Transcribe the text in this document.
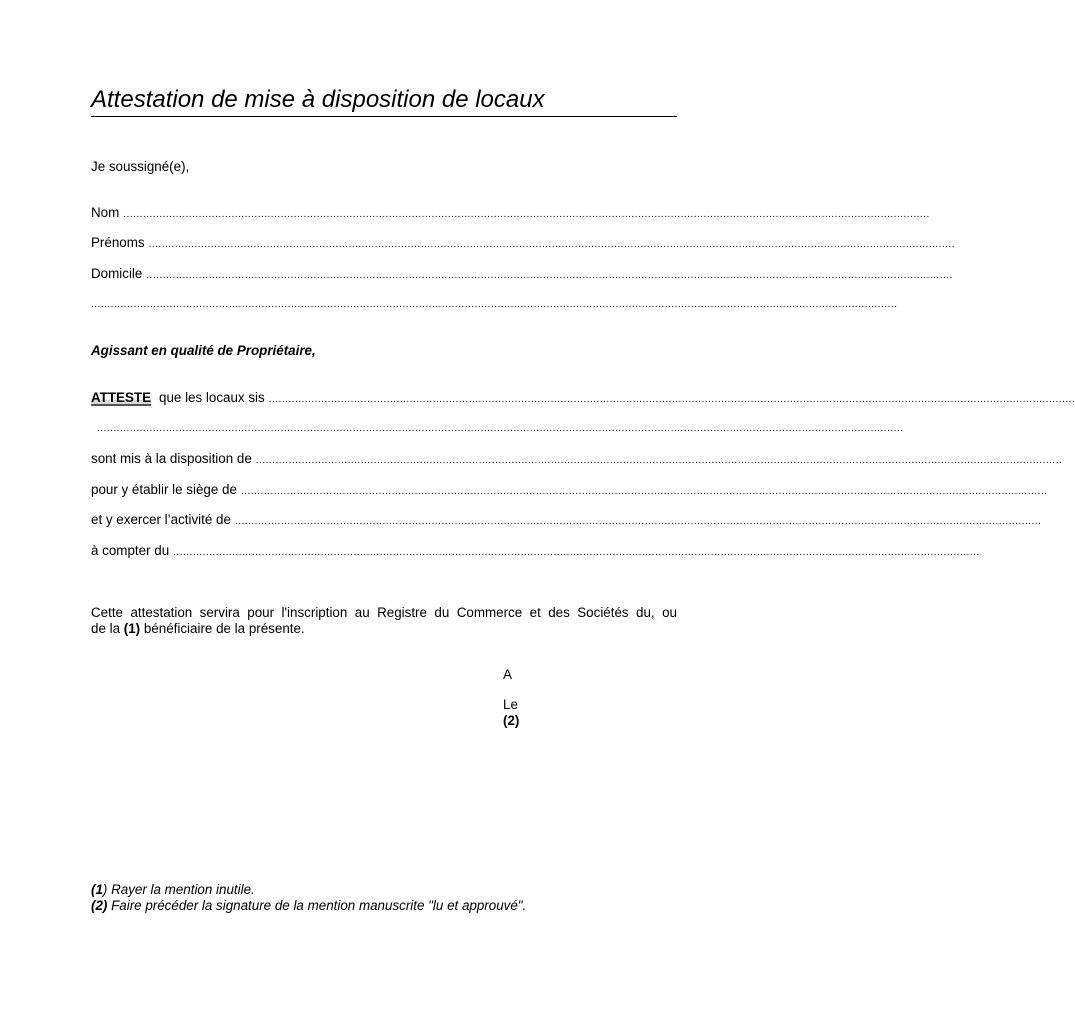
Attestation de mise à disposition de locaux
Je soussigné(e),
Nom ......................................................................................................................................................................................................................................................
Prénoms ......................................................................................................................................................................................................................................................
Domicile ......................................................................................................................................................................................................................................................
......................................................................................................................................................................................................................................................
Agissant en qualité de Propriétaire,
ATTESTE que les locaux sis ......................................................................................................................................................................................................................................................
......................................................................................................................................................................................................................................................
sont mis à la disposition de ......................................................................................................................................................................................................................................................
pour y établir le siège de ......................................................................................................................................................................................................................................................
et y exercer l’activité de ......................................................................................................................................................................................................................................................
à compter du ......................................................................................................................................................................................................................................................
Cette attestation servira pour l'inscription au Registre du Commerce et des Sociétés du, ou
de la (1) bénéficiaire de la présente.
A
Le
(2)
(1) Rayer la mention inutile.
(2) Faire précéder la signature de la mention manuscrite "lu et approuvé".
